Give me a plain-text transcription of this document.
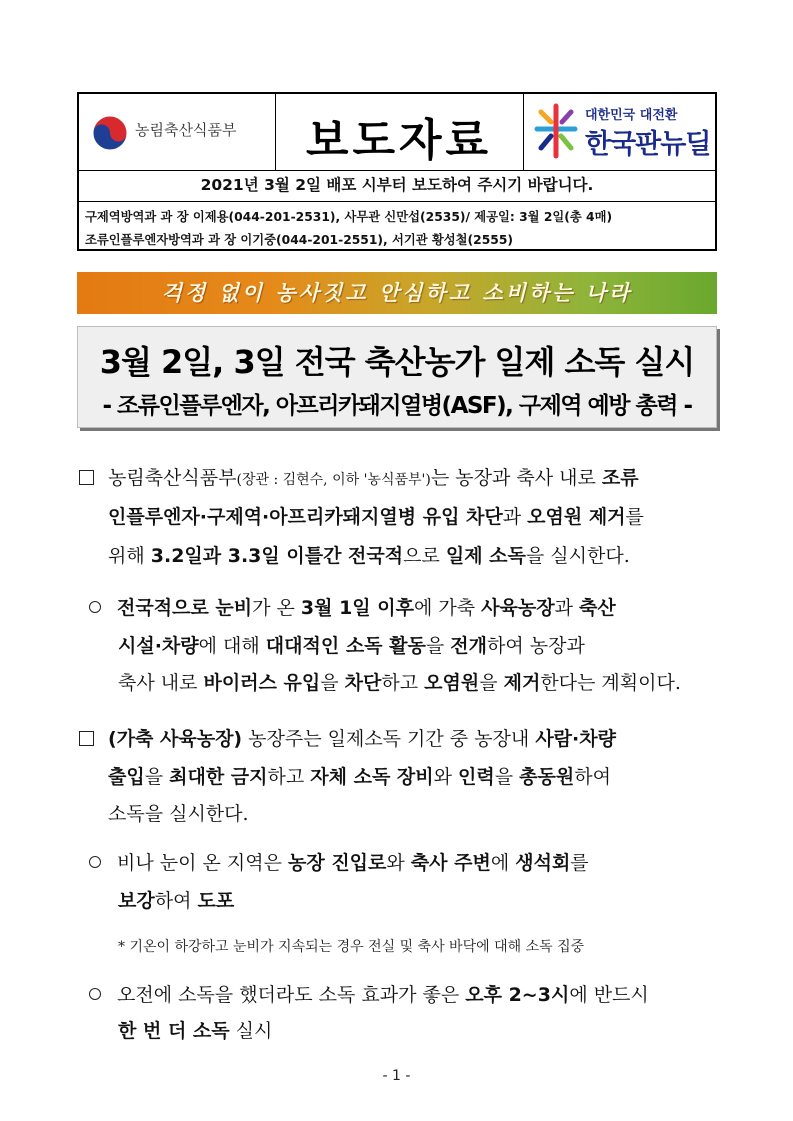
농림축산식품부	보도자료	대한민국 대전환
한국판뉴딜
2021년 3월 2일 배포 시부터 보도하여 주시기 바랍니다.
구제역방역과 과 장 이제용(044-201-2531), 사무관 신만섭(2535)/ 제공일: 3월 2일(총 4매)
조류인플루엔자방역과 과 장 이기중(044-201-2551), 서기관 황성철(2555)
걱정 없이 농사짓고 안심하고 소비하는 나라
3월 2일, 3일 전국 축산농가 일제 소독 실시
- 조류인플루엔자, 아프리카돼지열병(ASF), 구제역 예방 총력 -
농림축산식품부(장관 : 김현수, 이하 '농식품부')는 농장과 축사 내로 조류
인플루엔자·구제역·아프리카돼지열병 유입 차단과 오염원 제거를
위해 3.2일과 3.3일 이틀간 전국적으로 일제 소독을 실시한다.
전국적으로 눈비가 온 3월 1일 이후에 가축 사육농장과 축산
시설·차량에 대해 대대적인 소독 활동을 전개하여 농장과
축사 내로 바이러스 유입을 차단하고 오염원을 제거한다는 계획이다.
(가축 사육농장) 농장주는 일제소독 기간 중 농장내 사람·차량
출입을 최대한 금지하고 자체 소독 장비와 인력을 총동원하여
소독을 실시한다.
비나 눈이 온 지역은 농장 진입로와 축사 주변에 생석회를
보강하여 도포
* 기온이 하강하고 눈비가 지속되는 경우 전실 및 축사 바닥에 대해 소독 집중
오전에 소독을 했더라도 소독 효과가 좋은 오후 2~3시에 반드시
한 번 더 소독 실시
- 1 -
